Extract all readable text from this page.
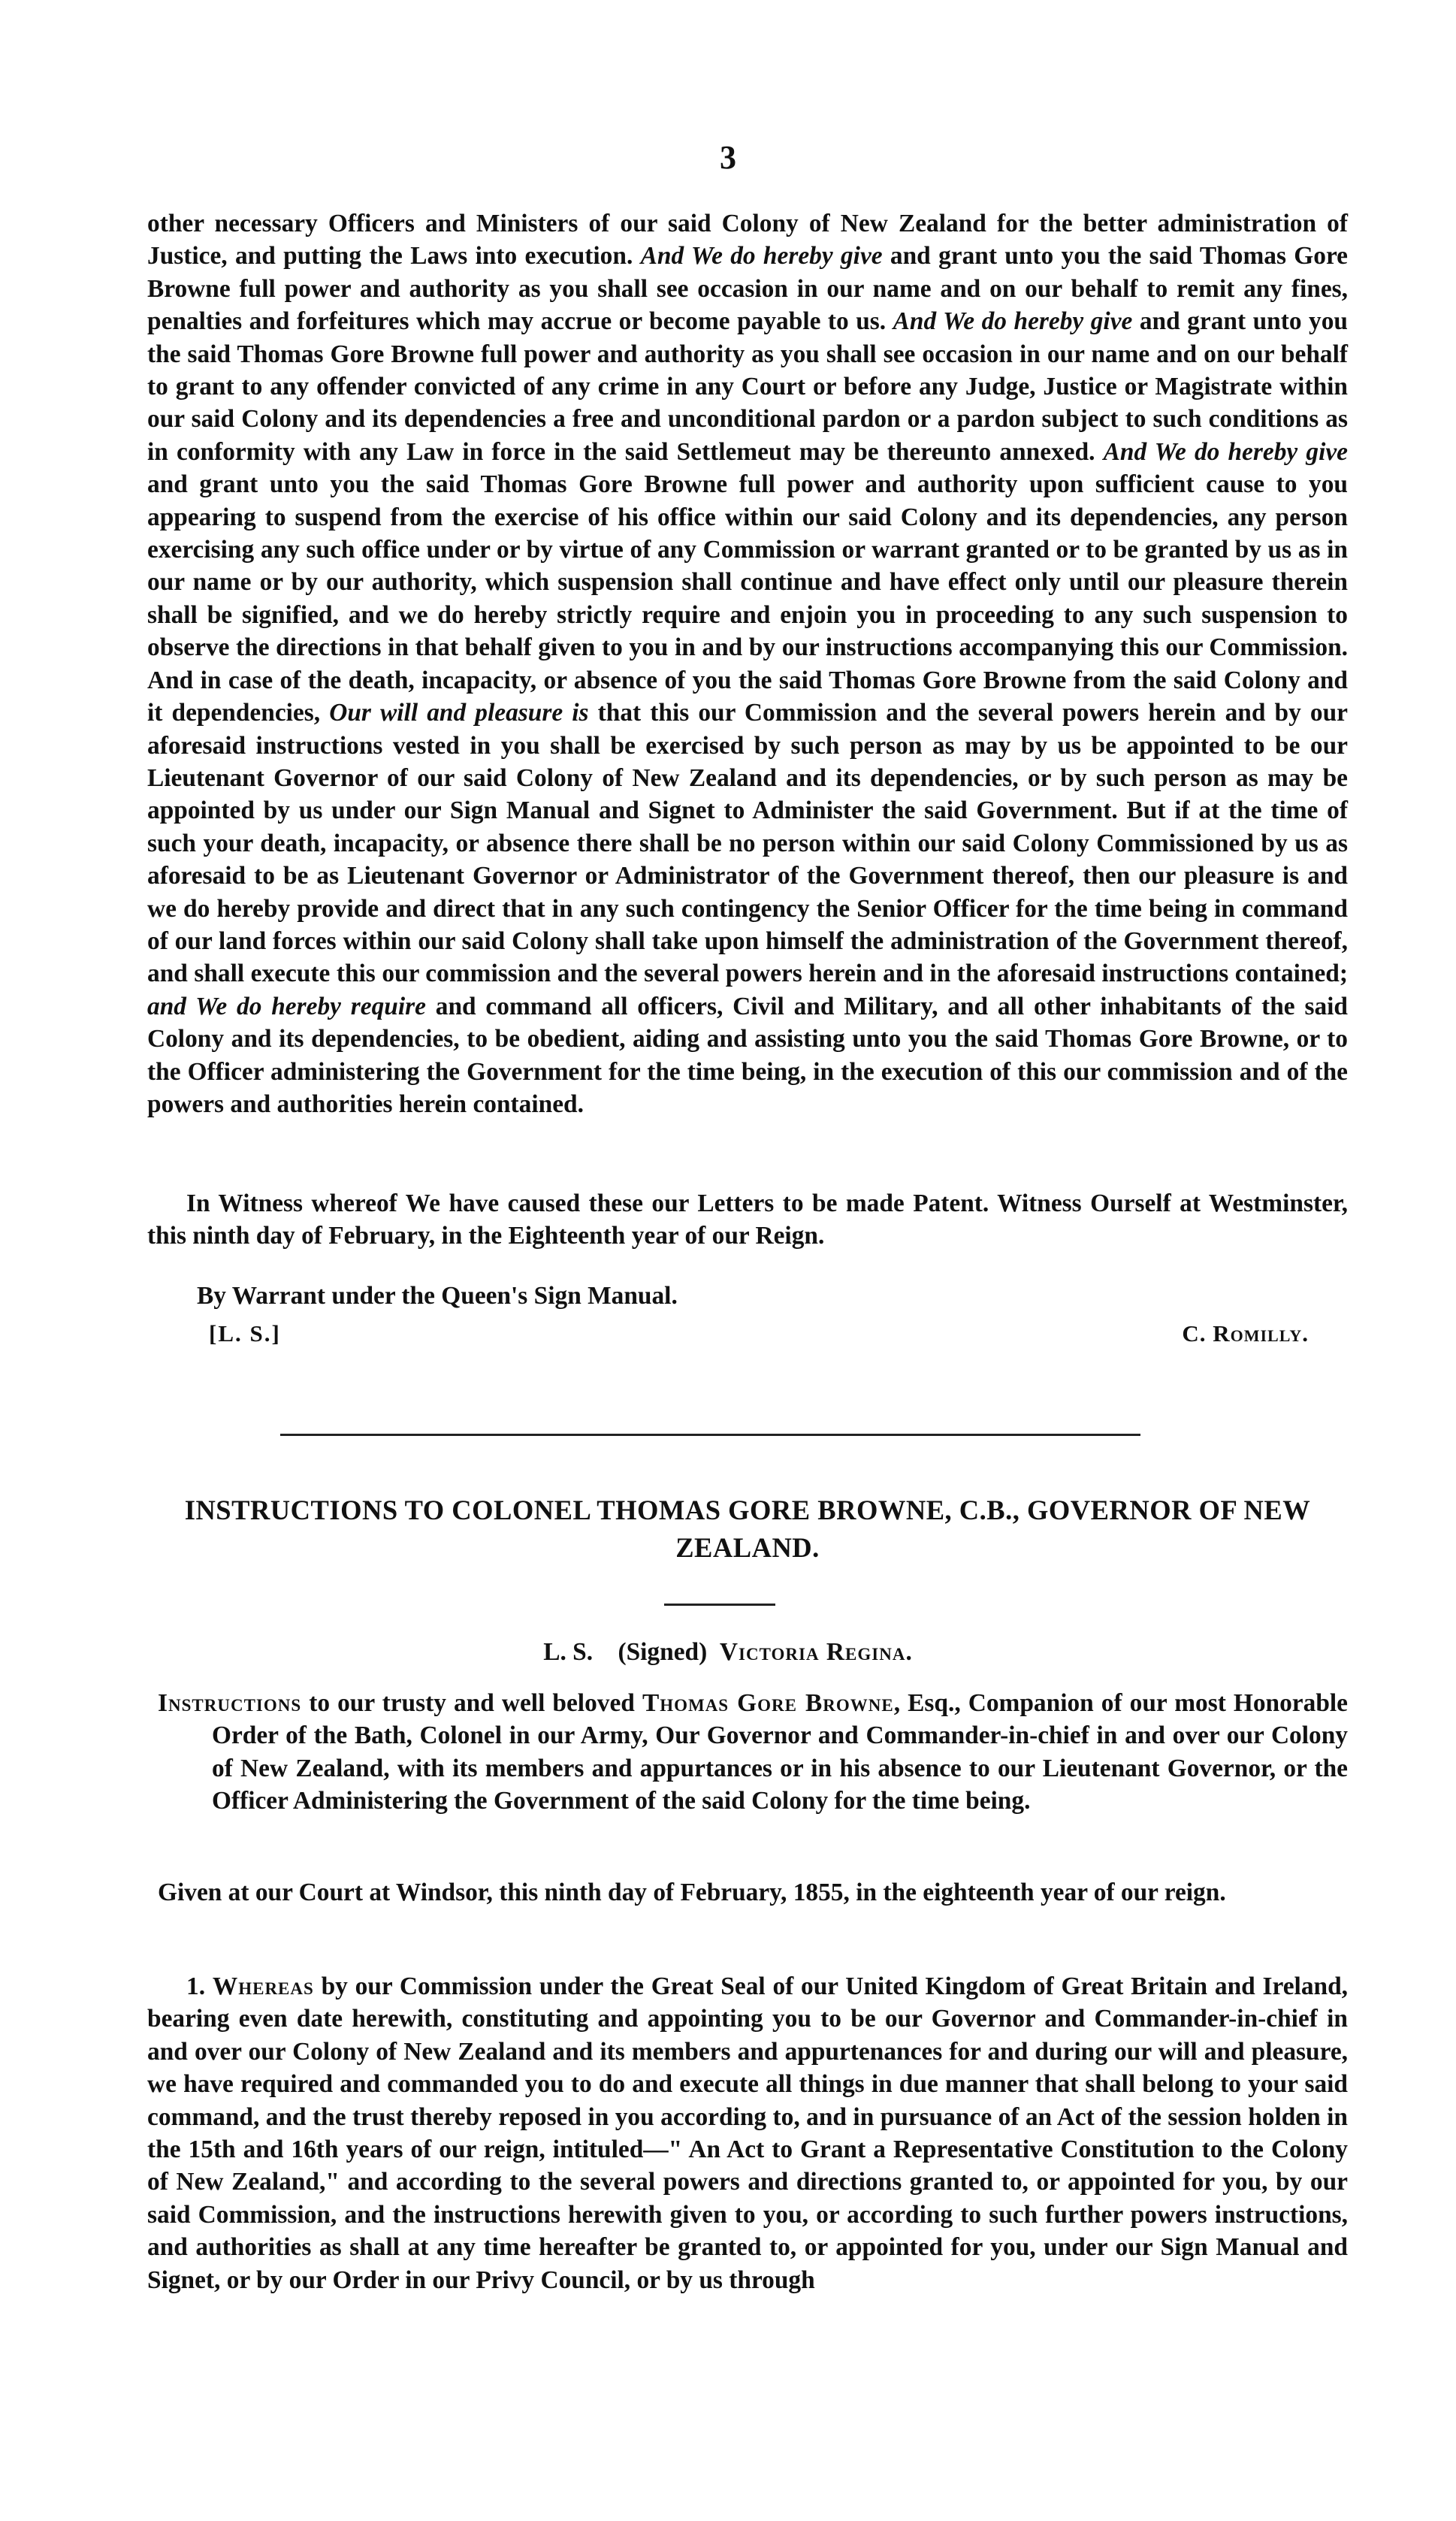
3

other necessary Officers and Ministers of our said Colony of New Zealand for the better administration of Justice, and putting the Laws into execution. And We do hereby give and grant unto you the said Thomas Gore Browne full power and authority as you shall see occasion in our name and on our behalf to remit any fines, penalties and forfeitures which may accrue or become payable to us. And We do hereby give and grant unto you the said Thomas Gore Browne full power and authority as you shall see occasion in our name and on our behalf to grant to any offender convicted of any crime in any Court or before any Judge, Justice or Magistrate within our said Colony and its dependencies a free and unconditional pardon or a pardon subject to such conditions as in conformity with any Law in force in the said Settlemeut may be thereunto annexed. And We do hereby give and grant unto you the said Thomas Gore Browne full power and authority upon sufficient cause to you appearing to suspend from the exercise of his office within our said Colony and its dependencies, any person exercising any such office under or by virtue of any Commission or warrant granted or to be granted by us as in our name or by our authority, which suspension shall continue and have effect only until our pleasure therein shall be signified, and we do hereby strictly require and enjoin you in proceeding to any such suspension to observe the directions in that behalf given to you in and by our instructions accompanying this our Commission. And in case of the death, incapacity, or absence of you the said Thomas Gore Browne from the said Colony and it dependencies, Our will and pleasure is that this our Commission and the several powers herein and by our aforesaid instructions vested in you shall be exercised by such person as may by us be appointed to be our Lieutenant Governor of our said Colony of New Zealand and its dependencies, or by such person as may be appointed by us under our Sign Manual and Signet to Administer the said Government. But if at the time of such your death, incapacity, or absence there shall be no person within our said Colony Commissioned by us as aforesaid to be as Lieutenant Governor or Administrator of the Government thereof, then our pleasure is and we do hereby provide and direct that in any such contingency the Senior Officer for the time being in command of our land forces within our said Colony shall take upon himself the administration of the Government thereof, and shall execute this our commission and the several powers herein and in the aforesaid instructions contained; and We do hereby require and command all officers, Civil and Military, and all other inhabitants of the said Colony and its dependencies, to be obedient, aiding and assisting unto you the said Thomas Gore Browne, or to the Officer administering the Government for the time being, in the execution of this our commission and of the powers and authorities herein contained.

In Witness whereof We have caused these our Letters to be made Patent. Witness Ourself at Westminster, this ninth day of February, in the Eighteenth year of our Reign.
By Warrant under the Queen's Sign Manual.
[L. S.]	C. Romilly.
INSTRUCTIONS TO COLONEL THOMAS GORE BROWNE, C.B., GOVERNOR OF NEW ZEALAND.
L. S. (Signed) Victoria Regina.
Instructions to our trusty and well beloved Thomas Gore Browne, Esq., Companion of our most Honorable Order of the Bath, Colonel in our Army, Our Governor and Commander-in-chief in and over our Colony of New Zealand, with its members and appurtances or in his absence to our Lieutenant Governor, or the Officer Administering the Government of the said Colony for the time being.
Given at our Court at Windsor, this ninth day of February, 1855, in the eighteenth year of our reign.
1. Whereas by our Commission under the Great Seal of our United Kingdom of Great Britain and Ireland, bearing even date herewith, constituting and appointing you to be our Governor and Commander-in-chief in and over our Colony of New Zealand and its members and appurtenances for and during our will and pleasure, we have required and commanded you to do and execute all things in due manner that shall belong to your said command, and the trust thereby reposed in you according to, and in pursuance of an Act of the session holden in the 15th and 16th years of our reign, intituled—" An Act to Grant a Representative Constitution to the Colony of New Zealand," and according to the several powers and directions granted to, or appointed for you, by our said Commission, and the instructions herewith given to you, or according to such further powers instructions, and authorities as shall at any time hereafter be granted to, or appointed for you, under our Sign Manual and Signet, or by our Order in our Privy Council, or by us through
